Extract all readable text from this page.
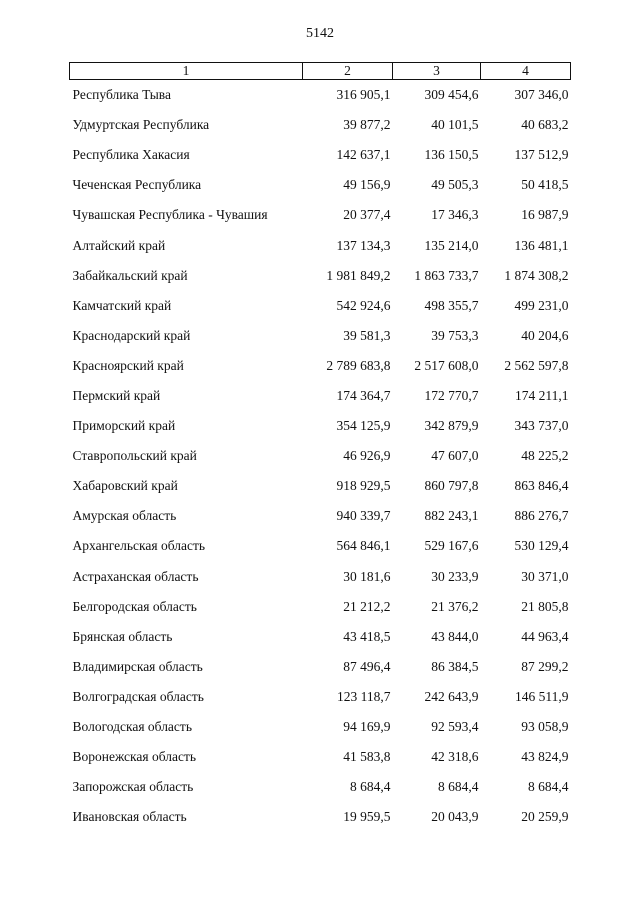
5142
1	2	3	4
Республика Тыва	316 905,1	309 454,6	307 346,0
Удмуртская Республика	39 877,2	40 101,5	40 683,2
Республика Хакасия	142 637,1	136 150,5	137 512,9
Чеченская Республика	49 156,9	49 505,3	50 418,5
Чувашская Республика - Чувашия	20 377,4	17 346,3	16 987,9
Алтайский край	137 134,3	135 214,0	136 481,1
Забайкальский край	1 981 849,2	1 863 733,7	1 874 308,2
Камчатский край	542 924,6	498 355,7	499 231,0
Краснодарский край	39 581,3	39 753,3	40 204,6
Красноярский край	2 789 683,8	2 517 608,0	2 562 597,8
Пермский край	174 364,7	172 770,7	174 211,1
Приморский край	354 125,9	342 879,9	343 737,0
Ставропольский край	46 926,9	47 607,0	48 225,2
Хабаровский край	918 929,5	860 797,8	863 846,4
Амурская область	940 339,7	882 243,1	886 276,7
Архангельская область	564 846,1	529 167,6	530 129,4
Астраханская область	30 181,6	30 233,9	30 371,0
Белгородская область	21 212,2	21 376,2	21 805,8
Брянская область	43 418,5	43 844,0	44 963,4
Владимирская область	87 496,4	86 384,5	87 299,2
Волгоградская область	123 118,7	242 643,9	146 511,9
Вологодская область	94 169,9	92 593,4	93 058,9
Воронежская область	41 583,8	42 318,6	43 824,9
Запорожская область	8 684,4	8 684,4	8 684,4
Ивановская область	19 959,5	20 043,9	20 259,9
